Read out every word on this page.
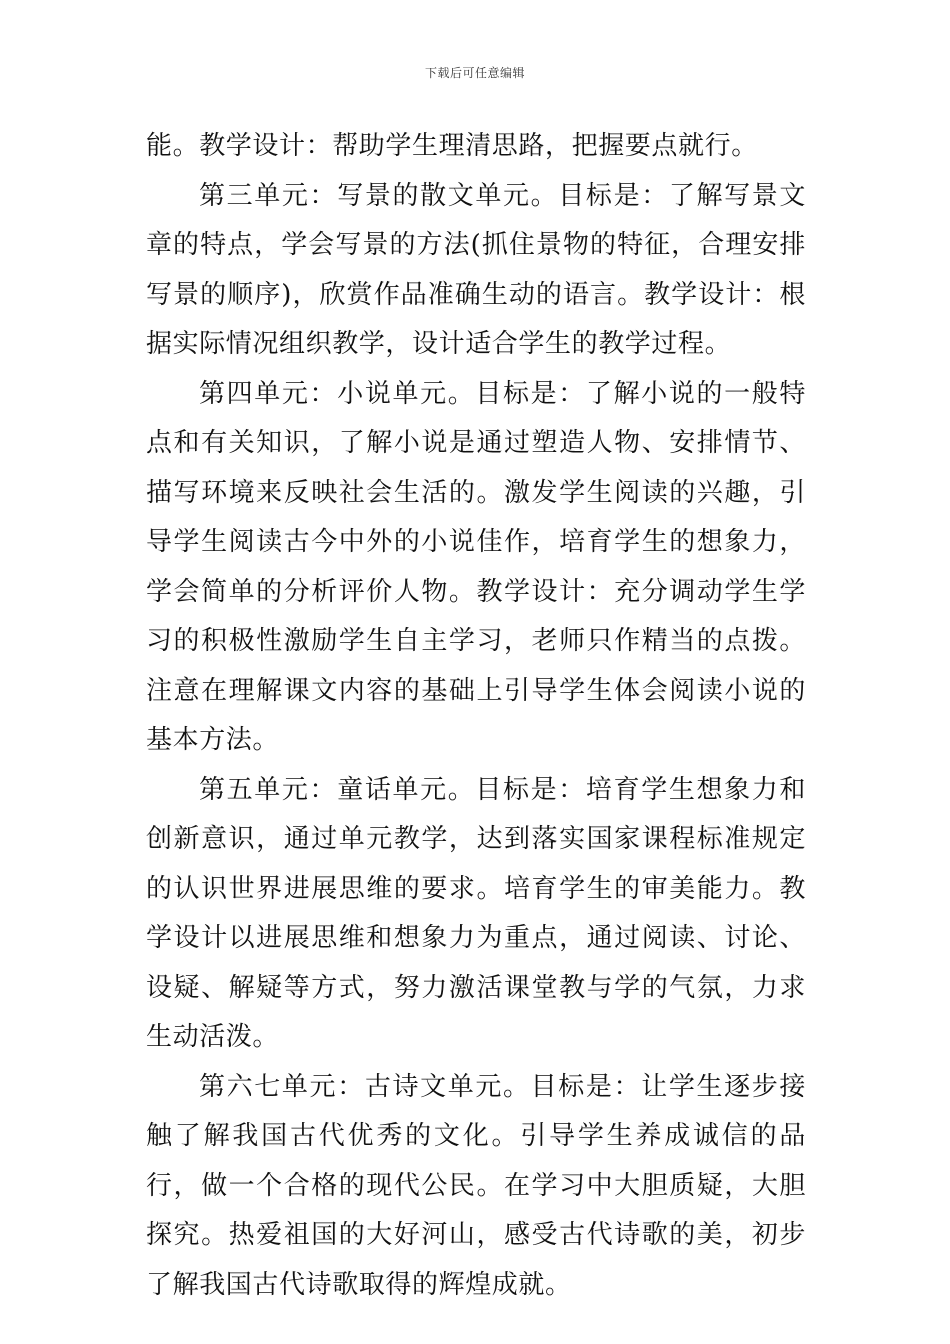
下载后可任意编辑

能。教学设计：帮助学生理清思路，把握要点就行。

第三单元：写景的散文单元。目标是：了解写景文章的特点，学会写景的方法(抓住景物的特征，合理安排写景的顺序)，欣赏作品准确生动的语言。教学设计：根据实际情况组织教学，设计适合学生的教学过程。

第四单元：小说单元。目标是：了解小说的一般特点和有关知识，了解小说是通过塑造人物、安排情节、描写环境来反映社会生活的。激发学生阅读的兴趣，引导学生阅读古今中外的小说佳作，培育学生的想象力，学会简单的分析评价人物。教学设计：充分调动学生学习的积极性激励学生自主学习，老师只作精当的点拨。注意在理解课文内容的基础上引导学生体会阅读小说的基本方法。

第五单元：童话单元。目标是：培育学生想象力和创新意识，通过单元教学，达到落实国家课程标准规定的认识世界进展思维的要求。培育学生的审美能力。教学设计以进展思维和想象力为重点，通过阅读、讨论、设疑、解疑等方式，努力激活课堂教与学的气氛，力求生动活泼。

第六七单元：古诗文单元。目标是：让学生逐步接触了解我国古代优秀的文化。引导学生养成诚信的品行，做一个合格的现代公民。在学习中大胆质疑，大胆探究。热爱祖国的大好河山，感受古代诗歌的美，初步了解我国古代诗歌取得的辉煌成就。
